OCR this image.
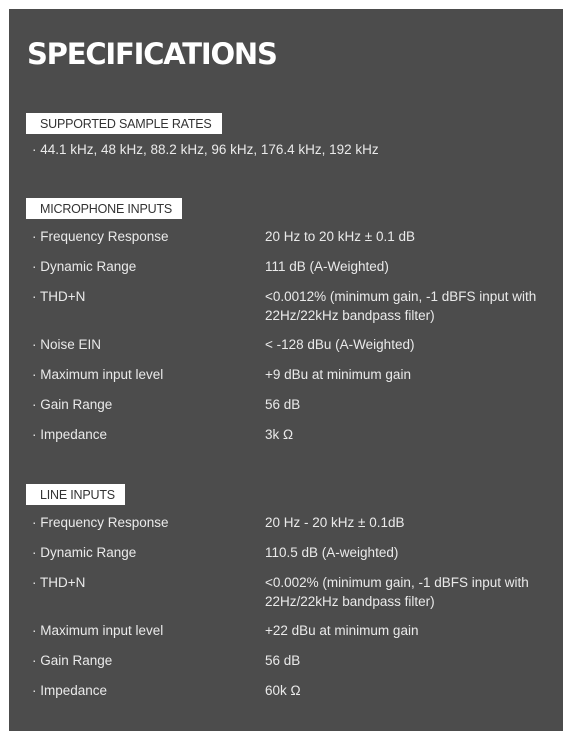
SPECIFICATIONS
SUPPORTED SAMPLE RATES
· 44.1 kHz, 48 kHz, 88.2 kHz, 96 kHz, 176.4 kHz, 192 kHz
MICROPHONE INPUTS
· Frequency Response	20 Hz to 20 kHz ± 0.1 dB
· Dynamic Range	111 dB (A-Weighted)
· THD+N	<0.0012% (minimum gain, -1 dBFS input with 22Hz/22kHz bandpass filter)
· Noise EIN	< -128 dBu (A-Weighted)
· Maximum input level	+9 dBu at minimum gain
· Gain Range	56 dB
· Impedance	3k Ω
LINE INPUTS
· Frequency Response	20 Hz - 20 kHz ± 0.1dB
· Dynamic Range	110.5 dB (A-weighted)
· THD+N	<0.002% (minimum gain, -1 dBFS input with 22Hz/22kHz bandpass filter)
· Maximum input level	+22 dBu at minimum gain
· Gain Range	56 dB
· Impedance	60k Ω
